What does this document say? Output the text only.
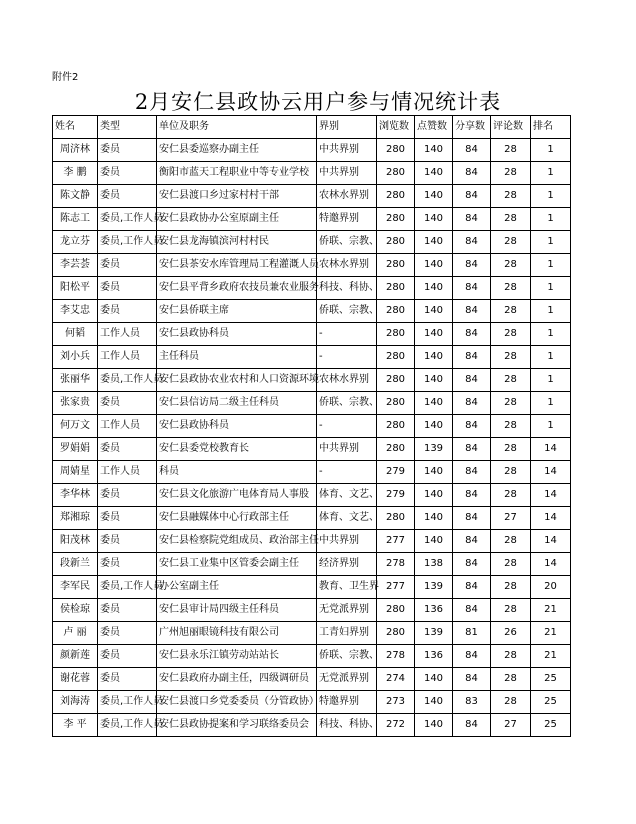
附件2
2月安仁县政协云用户参与情况统计表
姓名	类型	单位及职务	界别	浏览数	点赞数	分享数	评论数	排名
周济林	委员	安仁县委巡察办副主任	中共界别	280	140	84	28	1
李 鹏	委员	衡阳市蓝天工程职业中等专业学校	中共界别	280	140	84	28	1
陈文静	委员	安仁县渡口乡过家村村干部	农林水界别	280	140	84	28	1
陈志工	委员,工作人员	安仁县政协办公室原副主任	特邀界别	280	140	84	28	1
龙立芬	委员,工作人员	安仁县龙海镇滨河村村民	侨联、宗教、	280	140	84	28	1
李芸荟	委员	安仁县茶安水库管理局工程灌溉人员	农林水界别	280	140	84	28	1
阳松平	委员	安仁县平背乡政府农技员兼农业服务	科技、科协、	280	140	84	28	1
李艾忠	委员	安仁县侨联主席	侨联、宗教、	280	140	84	28	1
何韬	工作人员	安仁县政协科员	-	280	140	84	28	1
刘小兵	工作人员	主任科员	-	280	140	84	28	1
张丽华	委员,工作人员	安仁县政协农业农村和人口资源环境	农林水界别	280	140	84	28	1
张家贵	委员	安仁县信访局二级主任科员	侨联、宗教、	280	140	84	28	1
何万文	工作人员	安仁县政协科员	-	280	140	84	28	1
罗娟娟	委员	安仁县委党校教育长	中共界别	280	139	84	28	14
周婧星	工作人员	科员	-	279	140	84	28	14
李华林	委员	安仁县文化旅游广电体育局人事股	体育、文艺、	279	140	84	28	14
郑湘琼	委员	安仁县融媒体中心行政部主任	体育、文艺、	280	140	84	27	14
阳茂林	委员	安仁县检察院党组成员、政治部主任	中共界别	277	140	84	28	14
段新兰	委员	安仁县工业集中区管委会副主任	经济界别	278	138	84	28	14
李军民	委员,工作人员	办公室副主任	教育、卫生界	277	139	84	28	20
侯检琼	委员	安仁县审计局四级主任科员	无党派界别	280	136	84	28	21
卢 丽	委员	广州旭丽眼镜科技有限公司	工青妇界别	280	139	81	26	21
颜新莲	委员	安仁县永乐江镇劳动站站长	侨联、宗教、	278	136	84	28	21
谢花蓉	委员	安仁县政府办副主任，四级调研员	无党派界别	274	140	84	28	25
刘海涛	委员,工作人员	安仁县渡口乡党委委员（分管政协）	特邀界别	273	140	83	28	25
李 平	委员,工作人员	安仁县政协提案和学习联络委员会	科技、科协、	272	140	84	27	25
